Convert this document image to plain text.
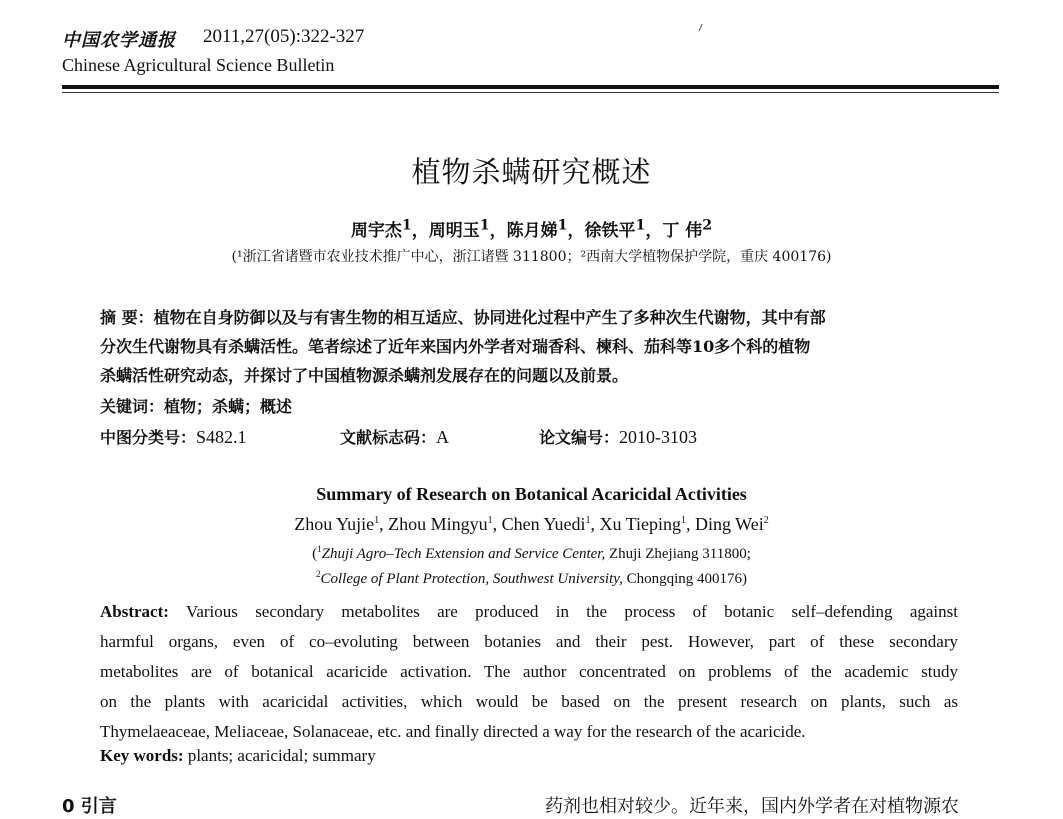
中国农学通报 2011,27(05):322-327
Chinese Agricultural Science Bulletin
植物杀螨研究概述
周宇杰$^1$，周明玉$^1$，陈月娣$^1$，徐铁平$^1$，丁 伟$^2$
(¹浙江省诸暨市农业技术推广中心，浙江诸暨 311800；²西南大学植物保护学院，重庆 400176)

摘 要：植物在自身防御以及与有害生物的相互适应、协同进化过程中产生了多种次生代谢物，其中有部

分次生代谢物具有杀螨活性。笔者综述了近年来国内外学者对瑞香科、楝科、茄科等10多个科的植物

杀螨活性研究动态，并探讨了中国植物源杀螨剂发展存在的问题以及前景。

关键词：植物；杀螨；概述
中图分类号：S482.1	文献标志码：A	论文编号：2010-3103
Summary of Research on Botanical Acaricidal Activities
Zhou Yujie$^1$, Zhou Mingyu$^1$, Chen Yuedi$^1$, Xu Tieping$^1$, Ding Wei$^2$
($^1$Zhuji Agro–Tech Extension and Service Center, Zhuji Zhejiang 311800;
$^2$College of Plant Protection, Southwest University, Chongqing 400176)
Abstract: Various secondary metabolites are produced in the process of botanic self–defending against
harmful organs, even of co–evoluting between botanies and their pest. However, part of these secondary
metabolites are of botanical acaricide activation. The author concentrated on problems of the academic study
on the plants with acaricidal activities, which would be based on the present research on plants, such as
Thymelaeaceae, Meliaceae, Solanaceae, etc. and finally directed a way for the research of the acaricide.
Key words: plants; acaricidal; summary
0 引言	药剂也相对较少。近年来，国内外学者在对植物源农
